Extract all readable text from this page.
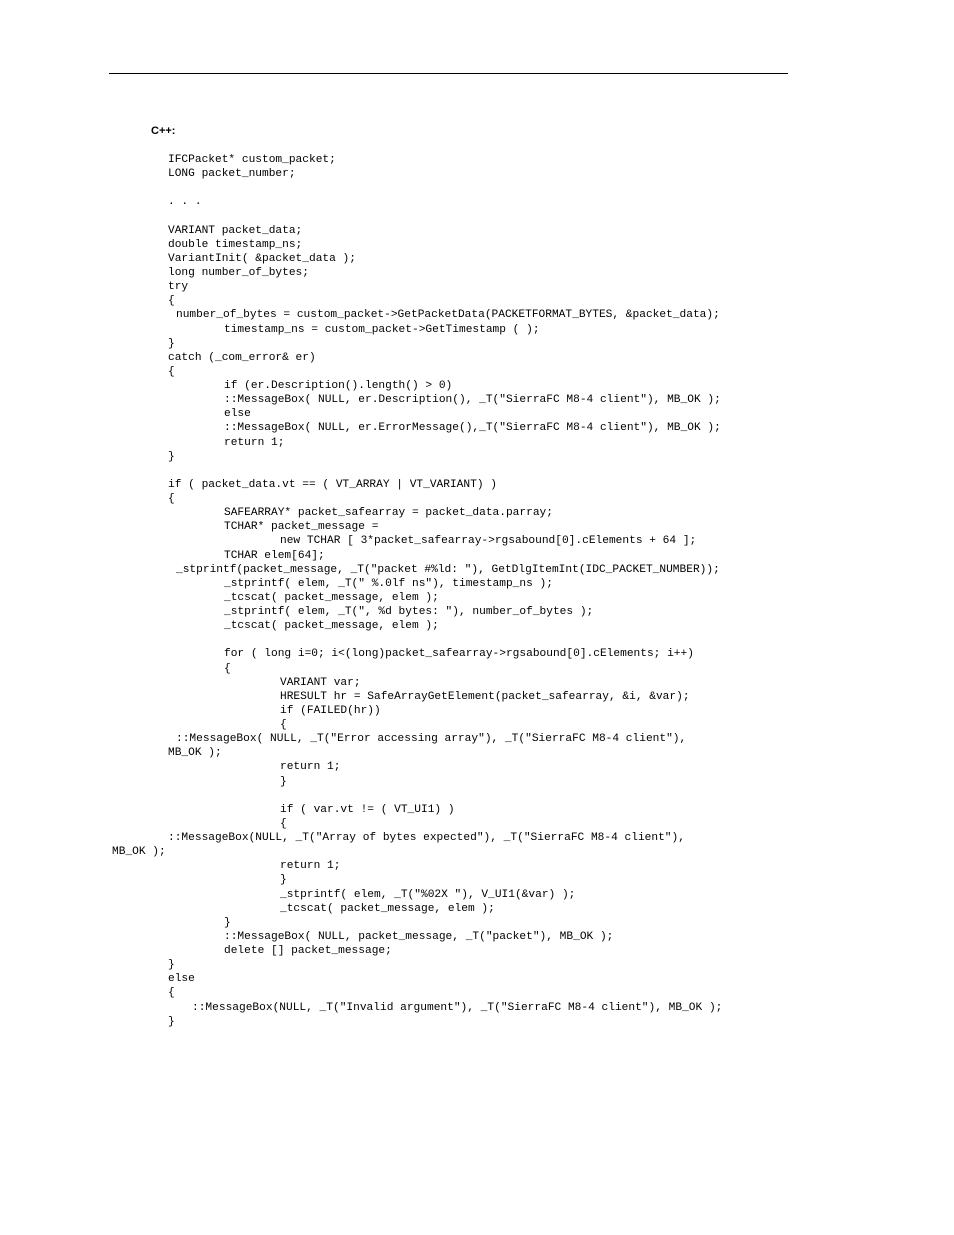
C++:
IFCPacket* custom_packet;
LONG packet_number;
. . .
VARIANT packet_data;
double timestamp_ns;
VariantInit( &packet_data );
long number_of_bytes;
try
{
number_of_bytes = custom_packet->GetPacketData(PACKETFORMAT_BYTES, &packet_data);
timestamp_ns = custom_packet->GetTimestamp ( );
}
catch (_com_error& er)
{
if (er.Description().length() > 0)
::MessageBox( NULL, er.Description(), _T("SierraFC M8-4 client"), MB_OK );
else
::MessageBox( NULL, er.ErrorMessage(),_T("SierraFC M8-4 client"), MB_OK );
return 1;
}
if ( packet_data.vt == ( VT_ARRAY | VT_VARIANT) )
{
SAFEARRAY* packet_safearray = packet_data.parray;
TCHAR* packet_message =
new TCHAR [ 3*packet_safearray->rgsabound[0].cElements + 64 ];
TCHAR elem[64];
_stprintf(packet_message, _T("packet #%ld: "), GetDlgItemInt(IDC_PACKET_NUMBER));
_stprintf( elem, _T(" %.0lf ns"), timestamp_ns );
_tcscat( packet_message, elem );
_stprintf( elem, _T(", %d bytes: "), number_of_bytes );
_tcscat( packet_message, elem );
for ( long i=0; i<(long)packet_safearray->rgsabound[0].cElements; i++)
{
VARIANT var;
HRESULT hr = SafeArrayGetElement(packet_safearray, &i, &var);
if (FAILED(hr))
{
::MessageBox( NULL, _T("Error accessing array"), _T("SierraFC M8-4 client"),
MB_OK );
return 1;
}
if ( var.vt != ( VT_UI1) )
{
::MessageBox(NULL, _T("Array of bytes expected"), _T("SierraFC M8-4 client"),
MB_OK );
return 1;
}
_stprintf( elem, _T("%02X "), V_UI1(&var) );
_tcscat( packet_message, elem );
}
::MessageBox( NULL, packet_message, _T("packet"), MB_OK );
delete [] packet_message;
}
else
{
::MessageBox(NULL, _T("Invalid argument"), _T("SierraFC M8-4 client"), MB_OK );
}
